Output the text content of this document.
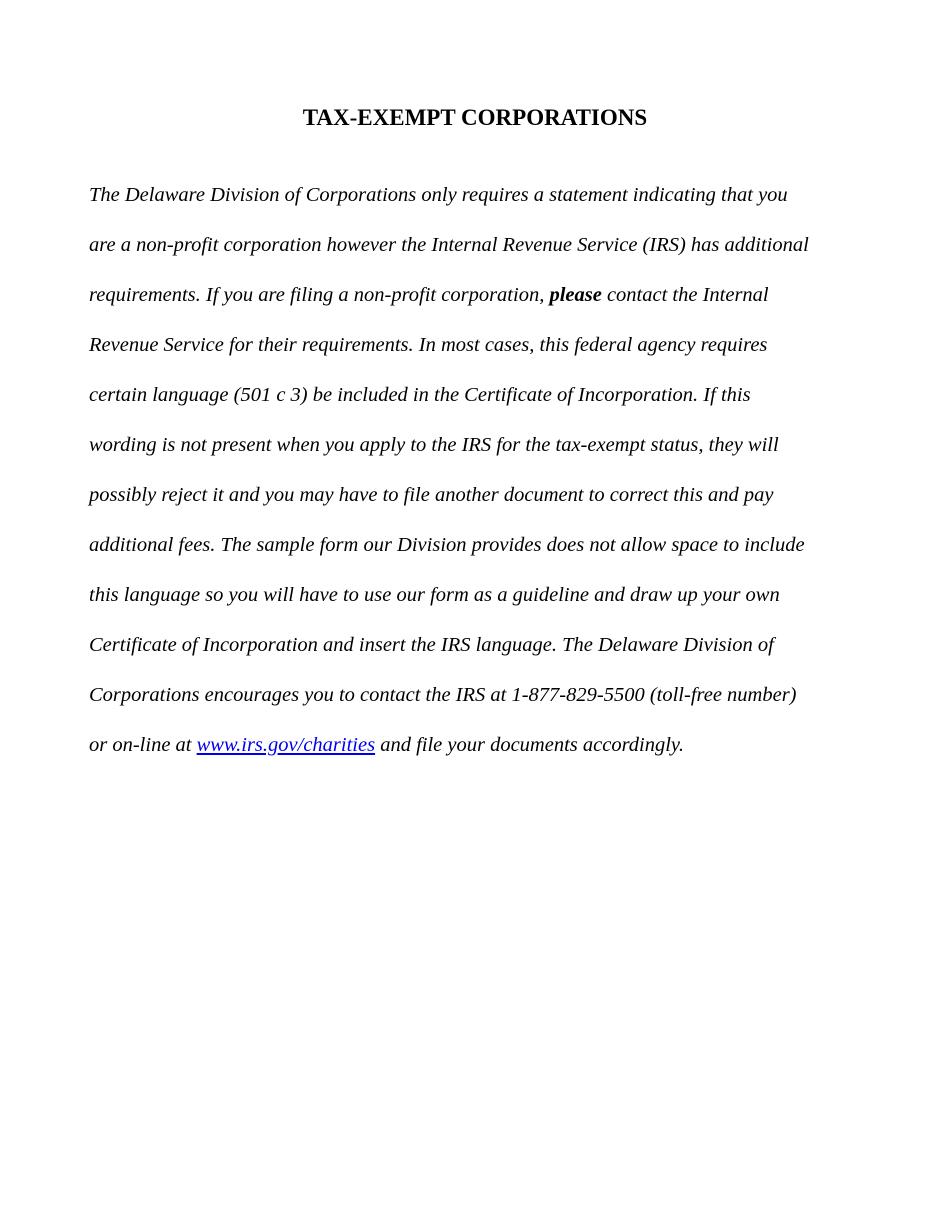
TAX-EXEMPT CORPORATIONS

The Delaware Division of Corporations only requires a statement indicating that you
are a non-profit corporation however the Internal Revenue Service (IRS) has additional
requirements. If you are filing a non-profit corporation, please contact the Internal
Revenue Service for their requirements. In most cases, this federal agency requires
certain language (501 c 3) be included in the Certificate of Incorporation. If this
wording is not present when you apply to the IRS for the tax-exempt status, they will
possibly reject it and you may have to file another document to correct this and pay
additional fees. The sample form our Division provides does not allow space to include
this language so you will have to use our form as a guideline and draw up your own
Certificate of Incorporation and insert the IRS language. The Delaware Division of
Corporations encourages you to contact the IRS at 1-877-829-5500 (toll-free number)
or on-line at www.irs.gov/charities and file your documents accordingly.
